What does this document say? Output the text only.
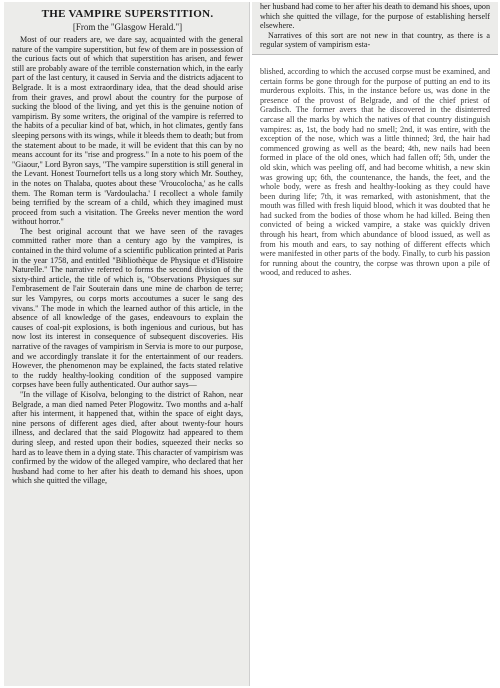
THE VAMPIRE SUPERSTITION.
[From the "Glasgow Herald."]

Most of our readers are, we dare say, acquainted with the general nature of the vampire superstition, but few of them are in possession of the curious facts out of which that superstition has arisen, and fewer still are probably aware of the terrible consternation which, in the early part of the last century, it caused in Servia and the districts adjacent to Belgrade. It is a most extraordinary idea, that the dead should arise from their graves, and prowl about the country for the purpose of sucking the blood of the living, and yet this is the genuine notion of vampirism. By some writers, the original of the vampire is referred to the habits of a peculiar kind of bat, which, in hot climates, gently fans sleeping persons with its wings, while it bleeds them to death; but from the statement about to be made, it will be evident that this can by no means account for its "rise and progress." In a note to his poem of the "Giaour," Lord Byron says, "The vampire superstition is still general in the Levant. Honest Tournefort tells us a long story which Mr. Southey, in the notes on Thalaba, quotes about these 'Vroucolocha,' as he calls them. The Roman term is 'Vardoulacha.' I recollect a whole family being terrified by the scream of a child, which they imagined must proceed from such a visitation. The Greeks never mention the word without horror."

The best original account that we have seen of the ravages committed rather more than a century ago by the vampires, is contained in the third volume of a scientific publication printed at Paris in the year 1758, and entitled "Bibliothèque de Physique et d'Histoire Naturelle." The narrative referred to forms the second division of the sixty-third article, the title of which is, "Observations Physiques sur l'embrasement de l'air Souterain dans une mine de charbon de terre; sur les Vampyres, ou corps morts accoutumes a sucer le sang des vivans." The mode in which the learned author of this article, in the absence of all knowledge of the gases, endeavours to explain the causes of coal-pit explosions, is both ingenious and curious, but has now lost its interest in consequence of subsequent discoveries. His narrative of the ravages of vampirism in Servia is more to our purpose, and we accordingly translate it for the entertainment of our readers. However, the phenomenon may be explained, the facts stated relative to the ruddy healthy-looking condition of the supposed vampire corpses have been fully authenticated. Our author says—

"In the village of Kisolva, belonging to the district of Rahon, near Belgrade, a man died named Peter Plogowitz. Two months and a-half after his interment, it happened that, within the space of eight days, nine persons of different ages died, after about twenty-four hours illness, and declared that the said Plogowitz had appeared to them during sleep, and rested upon their bodies, squeezed their necks so hard as to leave them in a dying state. This character of vampirism was confirmed by the widow of the alleged vampire, who declared that her husband had come to her after his death to demand his shoes, upon which she quitted the village,

her husband had come to her after his death to demand his shoes, upon which she quitted the village, for the purpose of establishing herself elsewhere.

Narratives of this sort are not new in that country, as there is a regular system of vampirism esta-

blished, according to which the accused corpse must be examined, and certain forms be gone through for the purpose of putting an end to its murderous exploits. This, in the instance before us, was done in the presence of the provost of Belgrade, and of the chief priest of Gradisch. The former avers that he discovered in the disinterred carcase all the marks by which the natives of that country distinguish vampires: as, 1st, the body had no smell; 2nd, it was entire, with the exception of the nose, which was a little thinned; 3rd, the hair had commenced growing as well as the beard; 4th, new nails had been formed in place of the old ones, which had fallen off; 5th, under the old skin, which was peeling off, and had become whitish, a new skin was growing up; 6th, the countenance, the hands, the feet, and the whole body, were as fresh and healthy-looking as they could have been during life; 7th, it was remarked, with astonishment, that the mouth was filled with fresh liquid blood, which it was doubted that he had sucked from the bodies of those whom he had killed. Being then convicted of being a wicked vampire, a stake was quickly driven through his heart, from which abundance of blood issued, as well as from his mouth and ears, to say nothing of different effects which were manifested in other parts of the body. Finally, to curb his passion for running about the country, the corpse was thrown upon a pile of wood, and reduced to ashes.
